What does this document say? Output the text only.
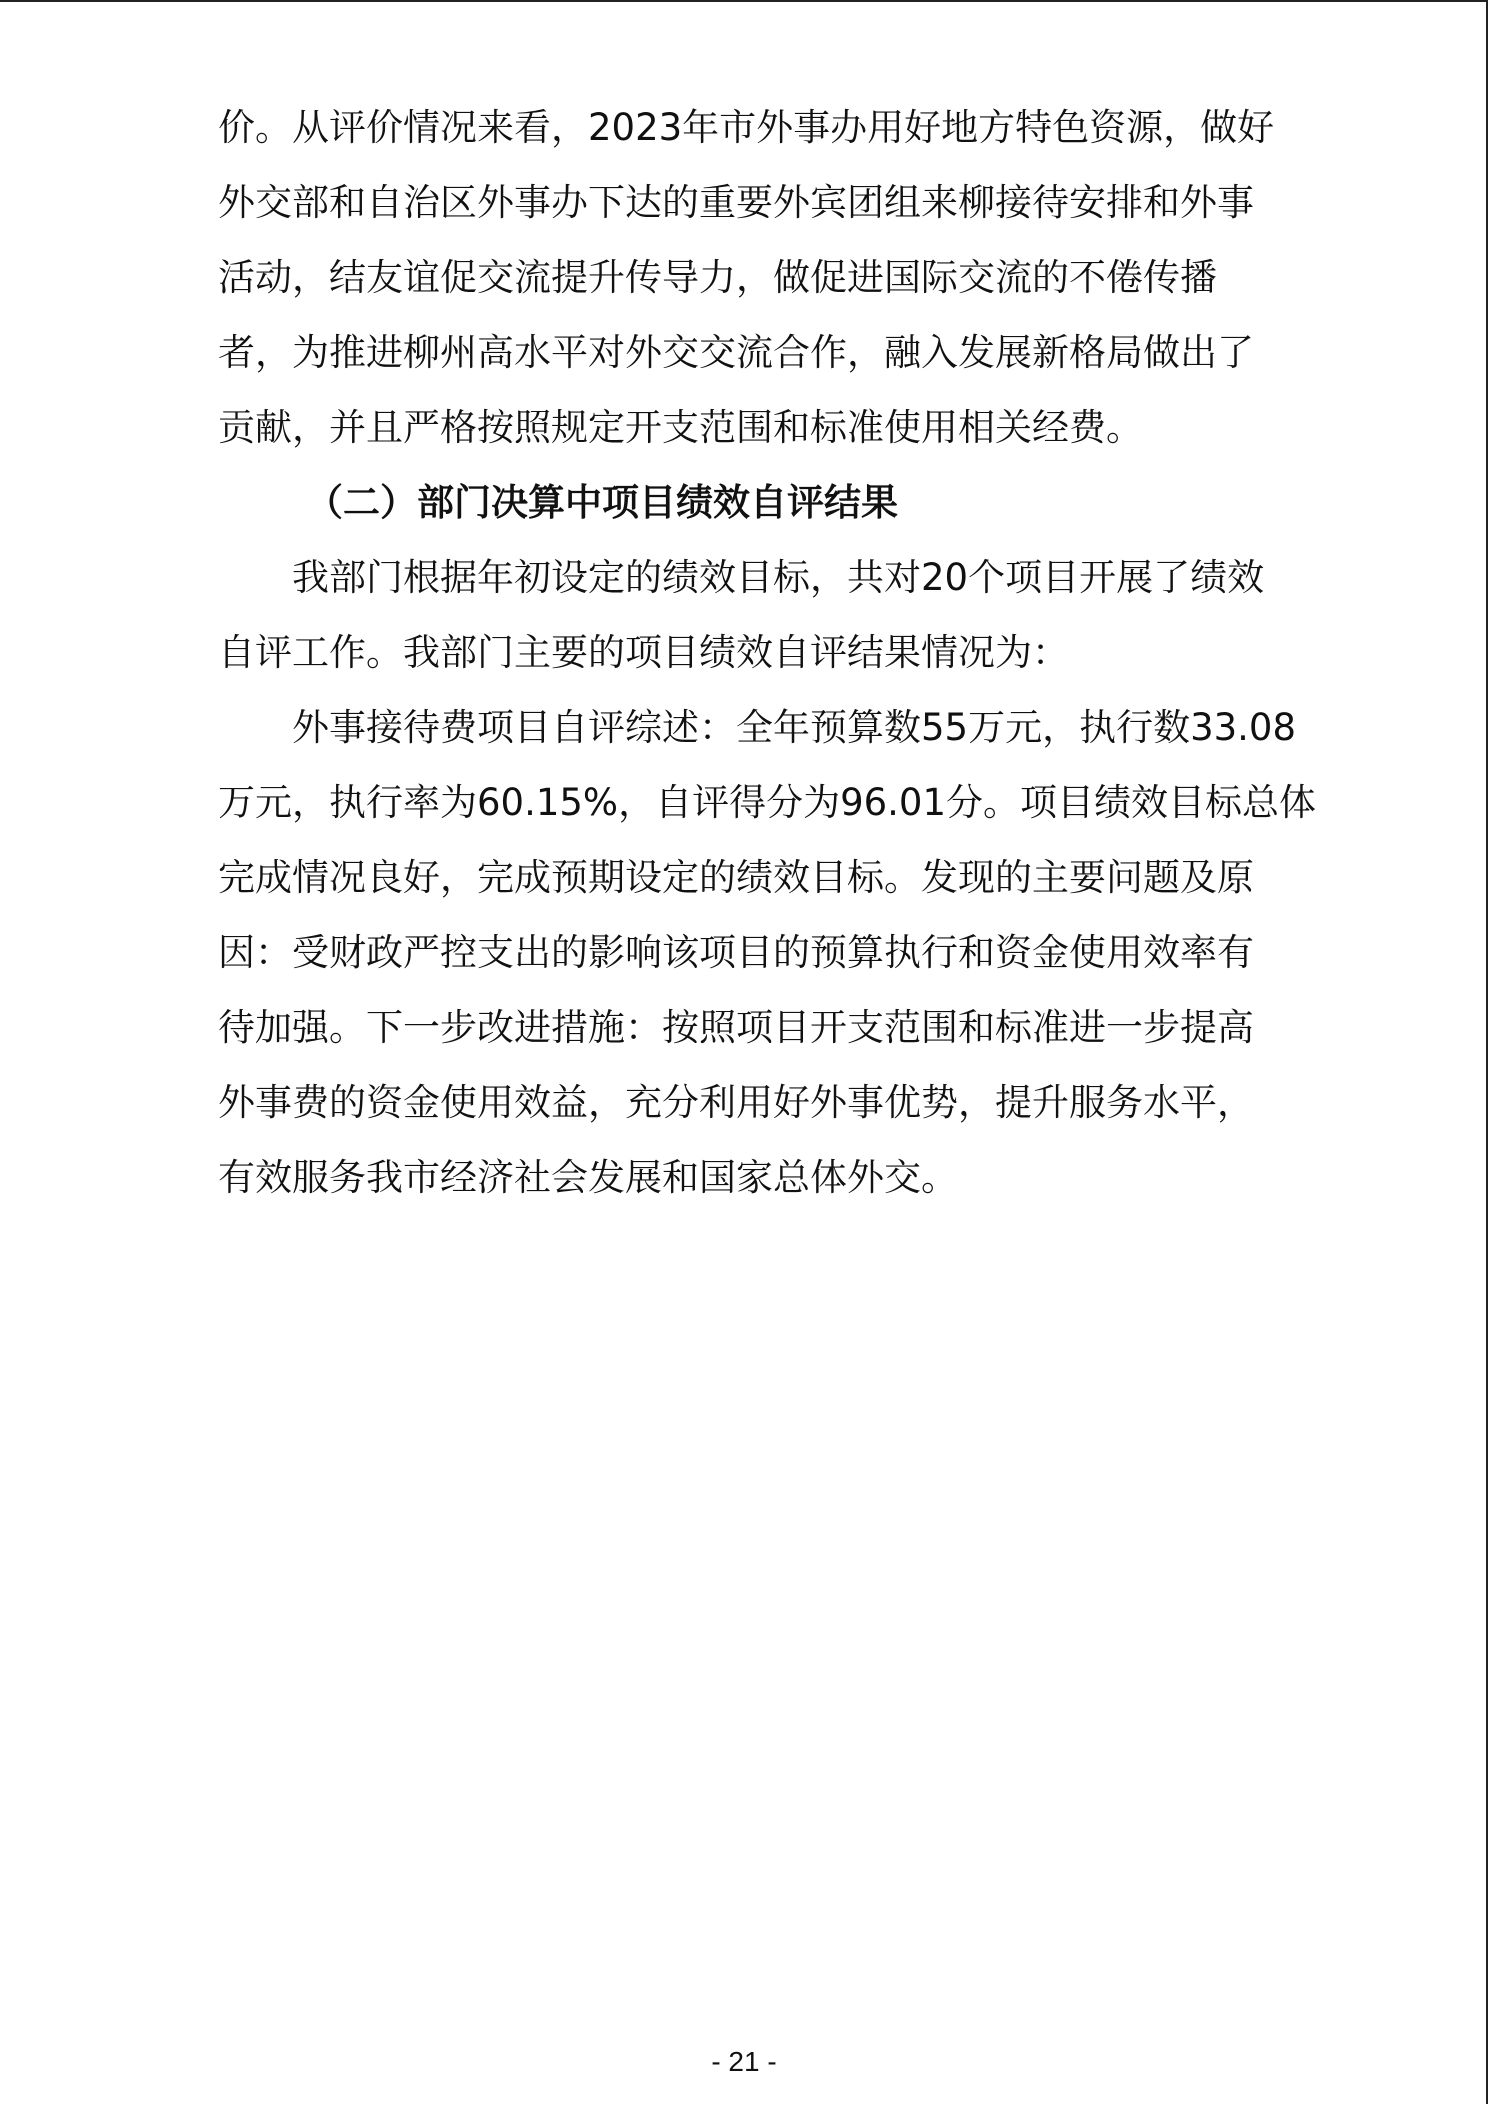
价。从评价情况来看，2023年市外事办用好地方特色资源，做好
外交部和自治区外事办下达的重要外宾团组来柳接待安排和外事
活动，结友谊促交流提升传导力，做促进国际交流的不倦传播
者，为推进柳州高水平对外交交流合作，融入发展新格局做出了
贡献，并且严格按照规定开支范围和标准使用相关经费。
（二）部门决算中项目绩效自评结果
我部门根据年初设定的绩效目标，共对20个项目开展了绩效
自评工作。我部门主要的项目绩效自评结果情况为：
外事接待费项目自评综述：全年预算数55万元，执行数33.08
万元，执行率为60.15%，自评得分为96.01分。项目绩效目标总体
完成情况良好，完成预期设定的绩效目标。发现的主要问题及原
因：受财政严控支出的影响该项目的预算执行和资金使用效率有
待加强。下一步改进措施：按照项目开支范围和标准进一步提高
外事费的资金使用效益，充分利用好外事优势，提升服务水平，
有效服务我市经济社会发展和国家总体外交。
- 21 -
